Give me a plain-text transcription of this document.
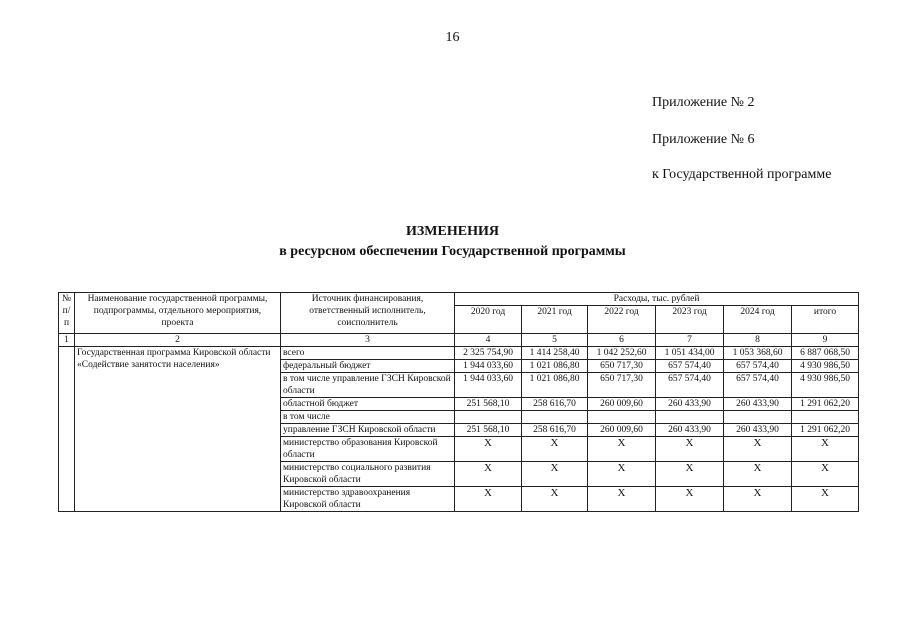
16
Приложение № 2
Приложение № 6
к Государственной программе
ИЗМЕНЕНИЯ
в ресурсном обеспечении Государственной программы
№ п/п	Наименование государственной программы, подпрограммы, отдельного мероприятия, проекта	Источник финансирования, ответственный исполнитель, соисполнитель	Расходы, тыс. рублей					
			2020 год	2021 год	2022 год	2023 год	2024 год	итого
1	2	3	4	5	6	7	8	9
	Государственная программа Кировской области «Содействие занятости населения»	всего	2 325 754,90	1 414 258,40	1 042 252,60	1 051 434,00	1 053 368,60	6 887 068,50
		федеральный бюджет	1 944 033,60	1 021 086,80	650 717,30	657 574,40	657 574,40	4 930 986,50
		в том числе управление ГЗСН Кировской области	1 944 033,60	1 021 086,80	650 717,30	657 574,40	657 574,40	4 930 986,50
		областной бюджет	251 568,10	258 616,70	260 009,60	260 433,90	260 433,90	1 291 062,20
		в том числе						
		управление ГЗСН Кировской области	251 568,10	258 616,70	260 009,60	260 433,90	260 433,90	1 291 062,20
		министерство образования Кировской области	X	X	X	X	X	X
		министерство социального развития Кировской области	X	X	X	X	X	X
		министерство здравоохранения Кировской области	X	X	X	X	X	X
